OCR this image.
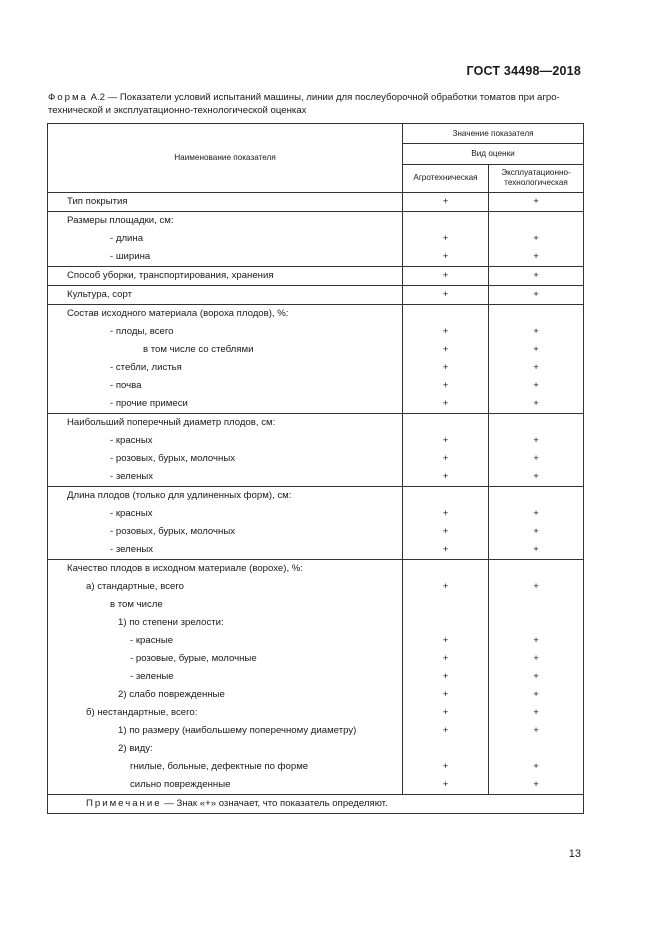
ГОСТ 34498—2018
Форма А.2 — Показатели условий испытаний машины, линии для послеуборочной обработки томатов при агро-технической и эксплуатационно-технологической оценках
Наименование показателя	Значение показателя	
	Вид оценки	
	Агротехническая	Эксплуатационно-технологическая
Тип покрытия	+	+
Размеры площадки, см:		
- длина	+	+
- ширина	+	+
Способ уборки, транспортирования, хранения	+	+
Культура, сорт	+	+
Состав исходного материала (вороха плодов), %:		
- плоды, всего	+	+
в том числе со стеблями	+	+
- стебли, листья	+	+
- почва	+	+
- прочие примеси	+	+
Наибольший поперечный диаметр плодов, см:		
- красных	+	+
- розовых, бурых, молочных	+	+
- зеленых	+	+
Длина плодов (только для удлиненных форм), см:		
- красных	+	+
- розовых, бурых, молочных	+	+
- зеленых	+	+
Качество плодов в исходном материале (ворохе), %:		
а) стандартные, всего	+	+
в том числе		
1) по степени зрелости:		
- красные	+	+
- розовые, бурые, молочные	+	+
- зеленые	+	+
2) слабо поврежденные	+	+
б) нестандартные, всего:	+	+
1) по размеру (наибольшему поперечному диаметру)	+	+
2) виду:		
гнилые, больные, дефектные по форме	+	+
сильно поврежденные	+	+
Примечание — Знак «+» означает, что показатель определяют.		
13
